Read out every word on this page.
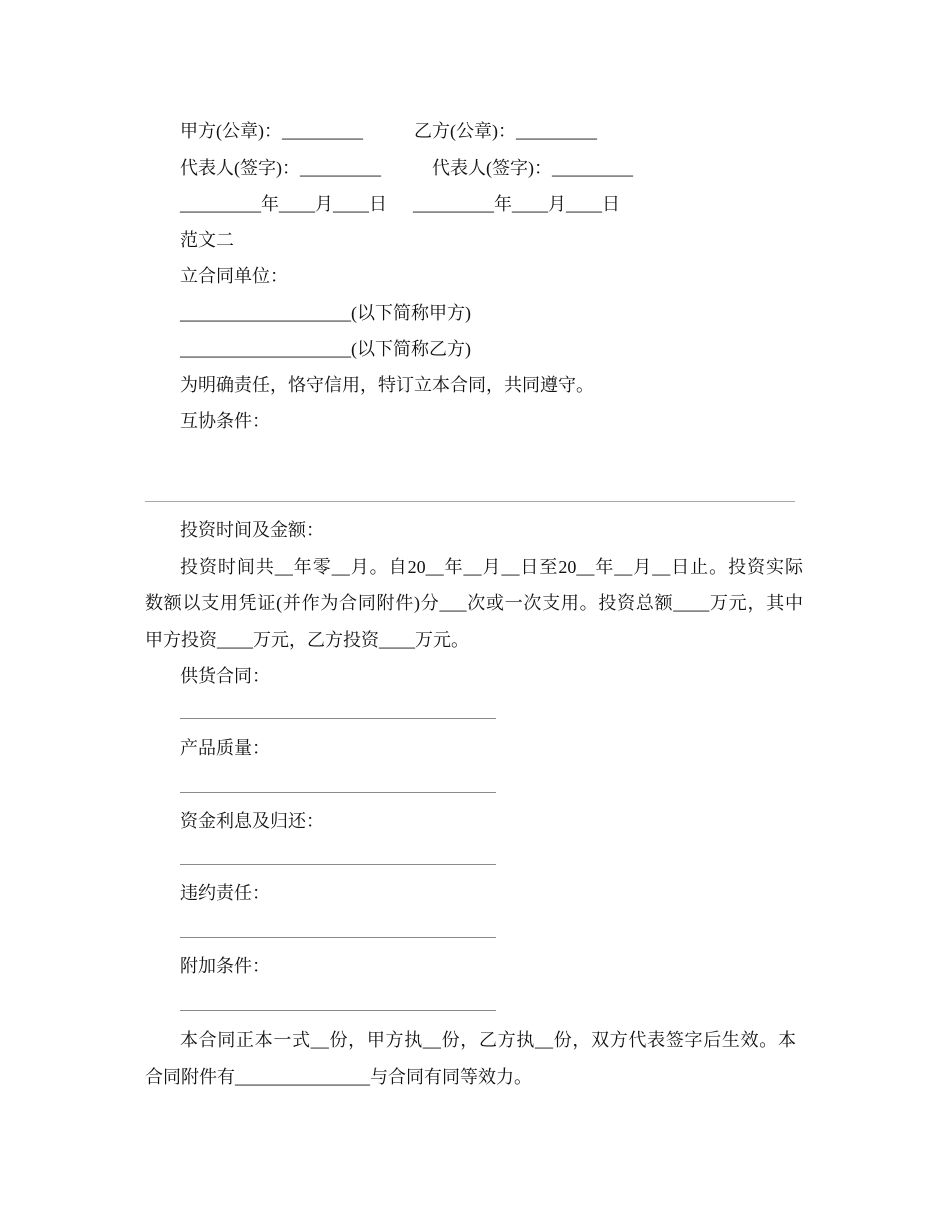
甲方(公章)：_________	乙方(公章)：_________
代表人(签字)：_________	代表人(签字)：_________
_________年____月____日 _________年____月____日
范文二
立合同单位：
___________________(以下简称甲方)
___________________(以下简称乙方)
为明确责任，恪守信用，特订立本合同，共同遵守。
互协条件：
投资时间及金额：
投资时间共__年零__月。自20__年__月__日至20__年__月__日止。投资实际
数额以支用凭证(并作为合同附件)分___次或一次支用。投资总额____万元，其中
甲方投资____万元，乙方投资____万元。
供货合同：
产品质量：
资金利息及归还：
违约责任：
附加条件：
本合同正本一式__份，甲方执__份，乙方执__份，双方代表签字后生效。本
合同附件有_______________与合同有同等效力。
